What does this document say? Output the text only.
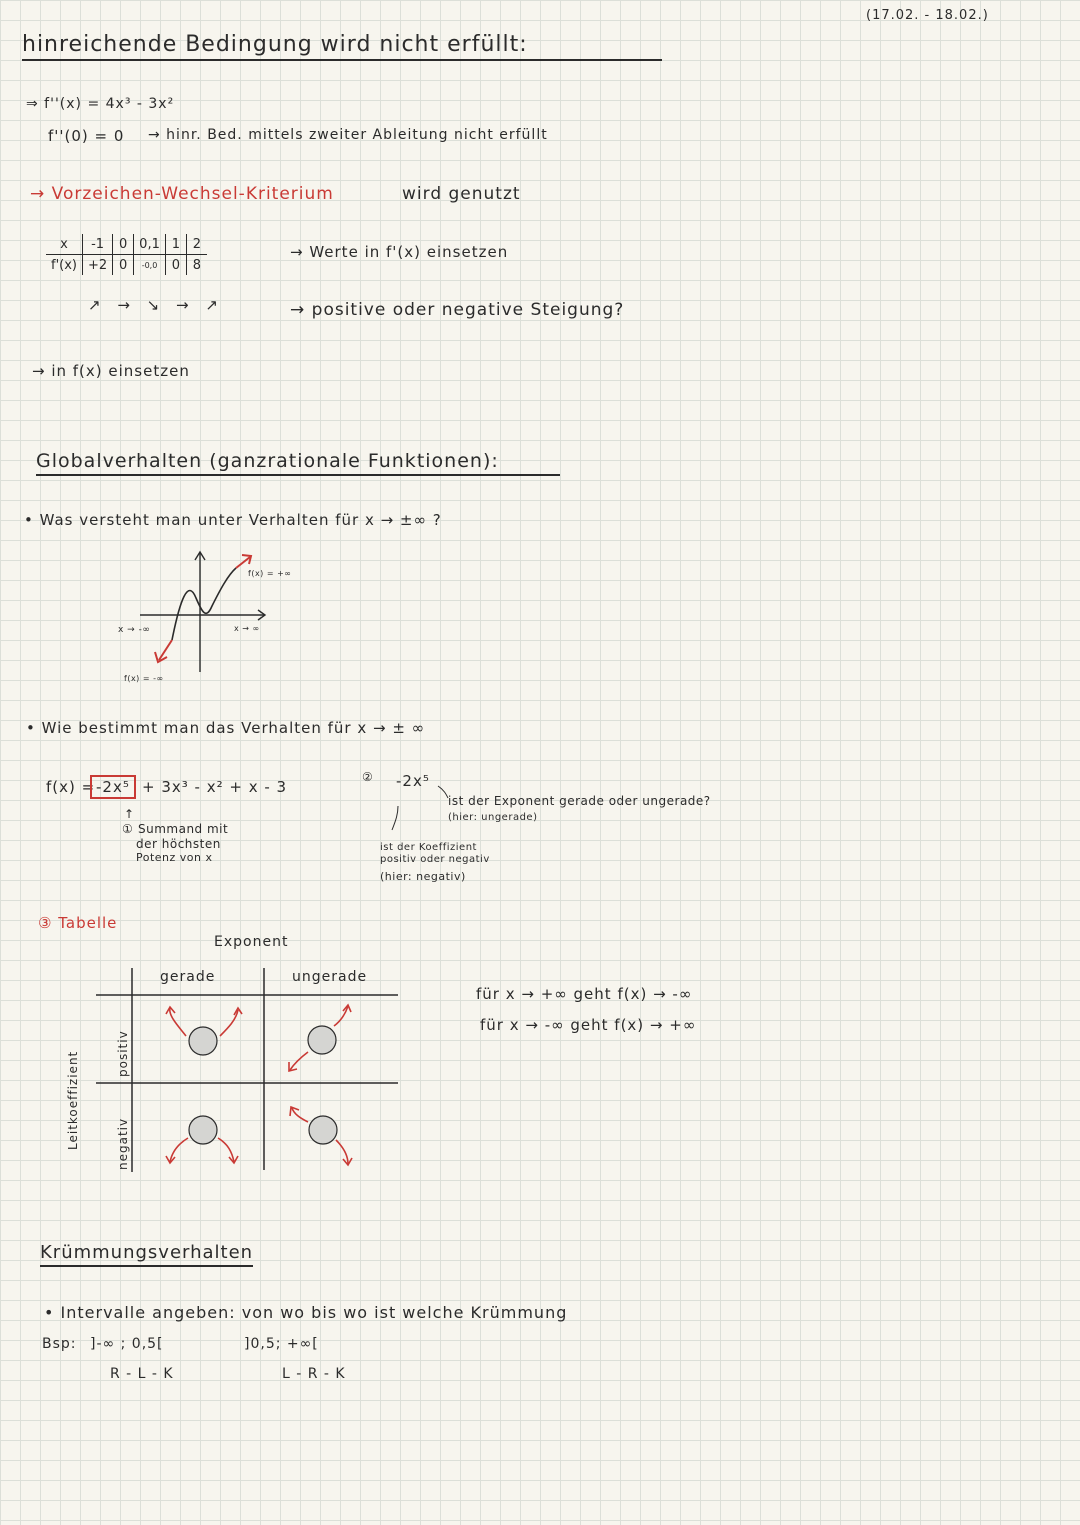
(17.02. - 18.02.)
hinreichende Bedingung wird nicht erfüllt:
⇒ f''(x) = 4x³ - 3x²
f''(0) = 0 → hinr. Bed. mittels zweiter Ableitung nicht erfüllt
→ Vorzeichen-Wechsel-Kriterium	wird genutzt
x	-1	0	0,1	1	2
f'(x)	+2	0	-0,0	0	8
↗ → ↘ → ↗
→ Werte in f'(x) einsetzen
→ positive oder negative Steigung?
→ in f(x) einsetzen
Globalverhalten (ganzrationale Funktionen):
• Was versteht man unter Verhalten für x → ±∞ ?
f(x) = +∞
x → ∞
x → -∞
f(x) = -∞
• Wie bestimmt man das Verhalten für x → ± ∞
f(x) = -2x⁵ + 3x³ - x² + x - 3
↑
① Summand mit
der höchsten
Potenz von x
② -2x⁵
ist der Exponent gerade oder ungerade?
(hier: ungerade)
ist der Koeffizient
positiv oder negativ
(hier: negativ)
③ Tabelle
Exponent
gerade	ungerade
Leitkoeffizient	positiv
negativ
für x → +∞ geht f(x) → -∞
für x → -∞ geht f(x) → +∞
Krümmungsverhalten
• Intervalle angeben: von wo bis wo ist welche Krümmung
Bsp: ]-∞ ; 0,5[	]0,5; +∞[
R - L - K	L - R - K
